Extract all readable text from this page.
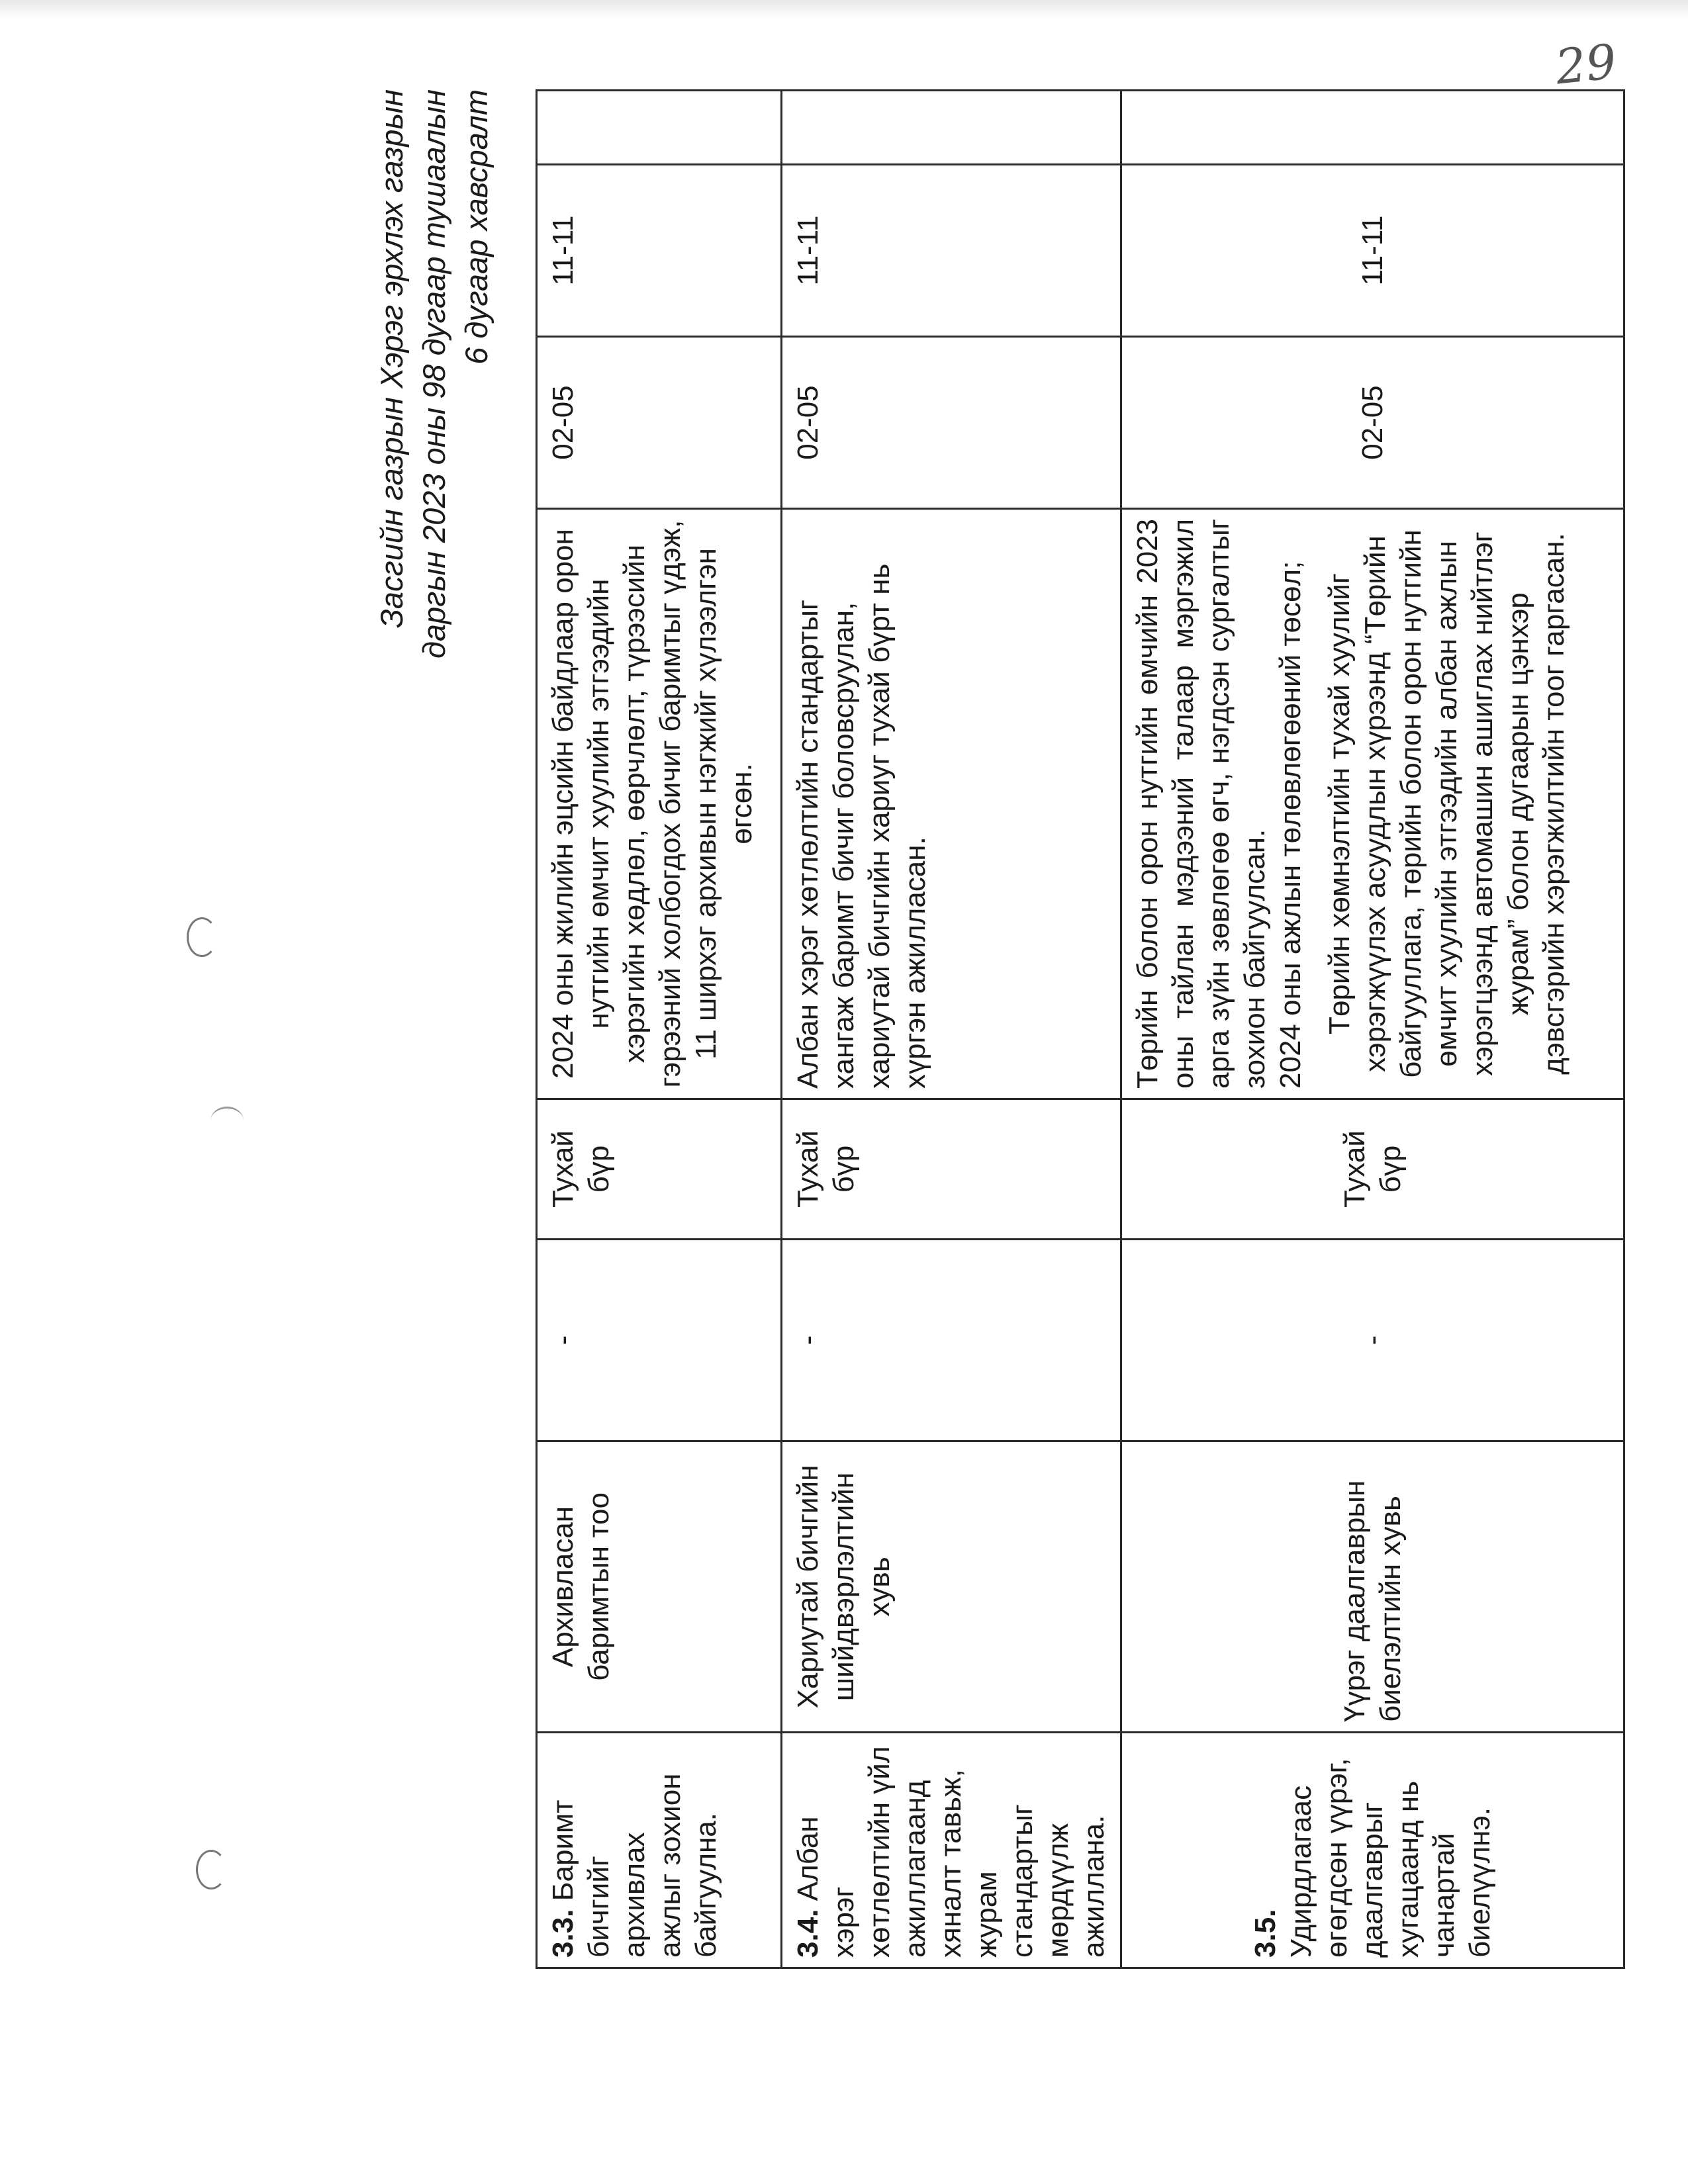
29
Засгийн газрын Хэрэг эрхлэх газрын даргын 2023 оны 98 дугаар тушаалын 6 дугаар хавсралт
3.3. Баримт бичгийг архивлах ажлыг зохион байгуулна.	Архивласан баримтын тоо	-	Тухай бүр	2024 оны жилийн эцсийн байдлаар орон нутгийн өмчит хуулийн этгээдийн хэрэгийн хөдлөл, өөрчлөлт, түрээсийн гэрээний холбогдох бичиг баримтыг үдэж, 11 ширхэг архивын нэгжийг хүлээлгэн өгсөн.	02-05	11-11	
3.4. Албан хэрэг хөтлөлтийн үйл ажиллагаанд хяналт тавьж, журам стандартыг мөрдүүлж ажиллана.	Хариутай бичгийн шийдвэрлэлтийн хувь	-	Тухай бүр	Албан хэрэг хөтлөлтийн стандартыг хангаж баримт бичиг боловсруулан, хариутай бичгийн хариуг тухай бүрт нь хүргэн ажилласан.	02-05	11-11	
3.5. Удирдлагаас өгөгдсөн үүрэг, даалгаврыг хугацаанд нь чанартай биелүүлнэ.	Үүрэг даалгаврын биелэлтийн хувь	-	Тухай бүр	Төрийн болон орон нутгийн өмчийн 2023 оны тайлан мэдээний талаар мэргэжил арга зүйн зөвлөгөө өгч, нэгдсэн сургалтыг зохион байгуулсан. 2024 оны ажлын төлөвлөгөөний төсөл; Төрийн хөмнэлтийн тухай хуулийг хэрэгжүүлэх асуудлын хүрээнд “Төрийн байгууллага, төрийн болон орон нутгийн өмчит хуулийн этгээдийн албан ажлын хэрэгцээнд автомашин ашиглах нийтлэг журам” болон дугаарын цэнхэр дэвсгэрийн хэрэгжилтийн тоог гаргасан.	02-05	11-11	
